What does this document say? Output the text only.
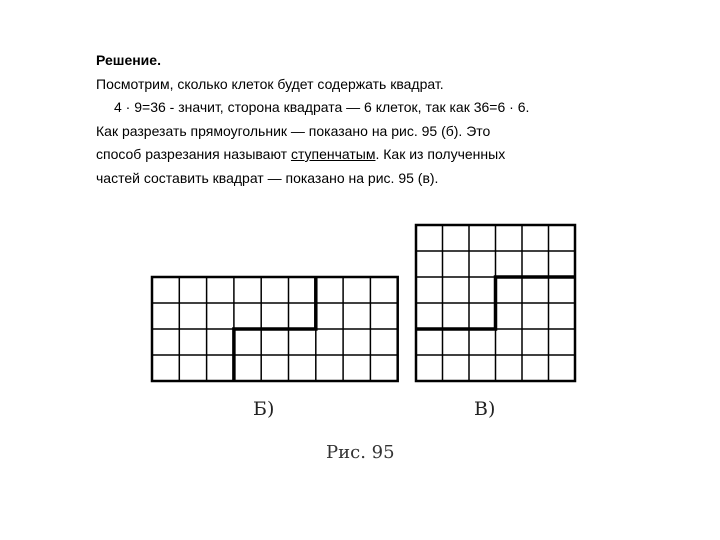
Решение.
Посмотрим, сколько клеток будет содержать квадрат.
4 · 9=36 - значит, сторона квадрата — 6 клеток, так как 36=6 · 6.
Как разрезать прямоугольник — показано на рис. 95 (б). Это
способ разрезания называют ступенчатым. Как из полученных
частей составить квадрат — показано на рис. 95 (в).
Б)	В)
Рис. 95
